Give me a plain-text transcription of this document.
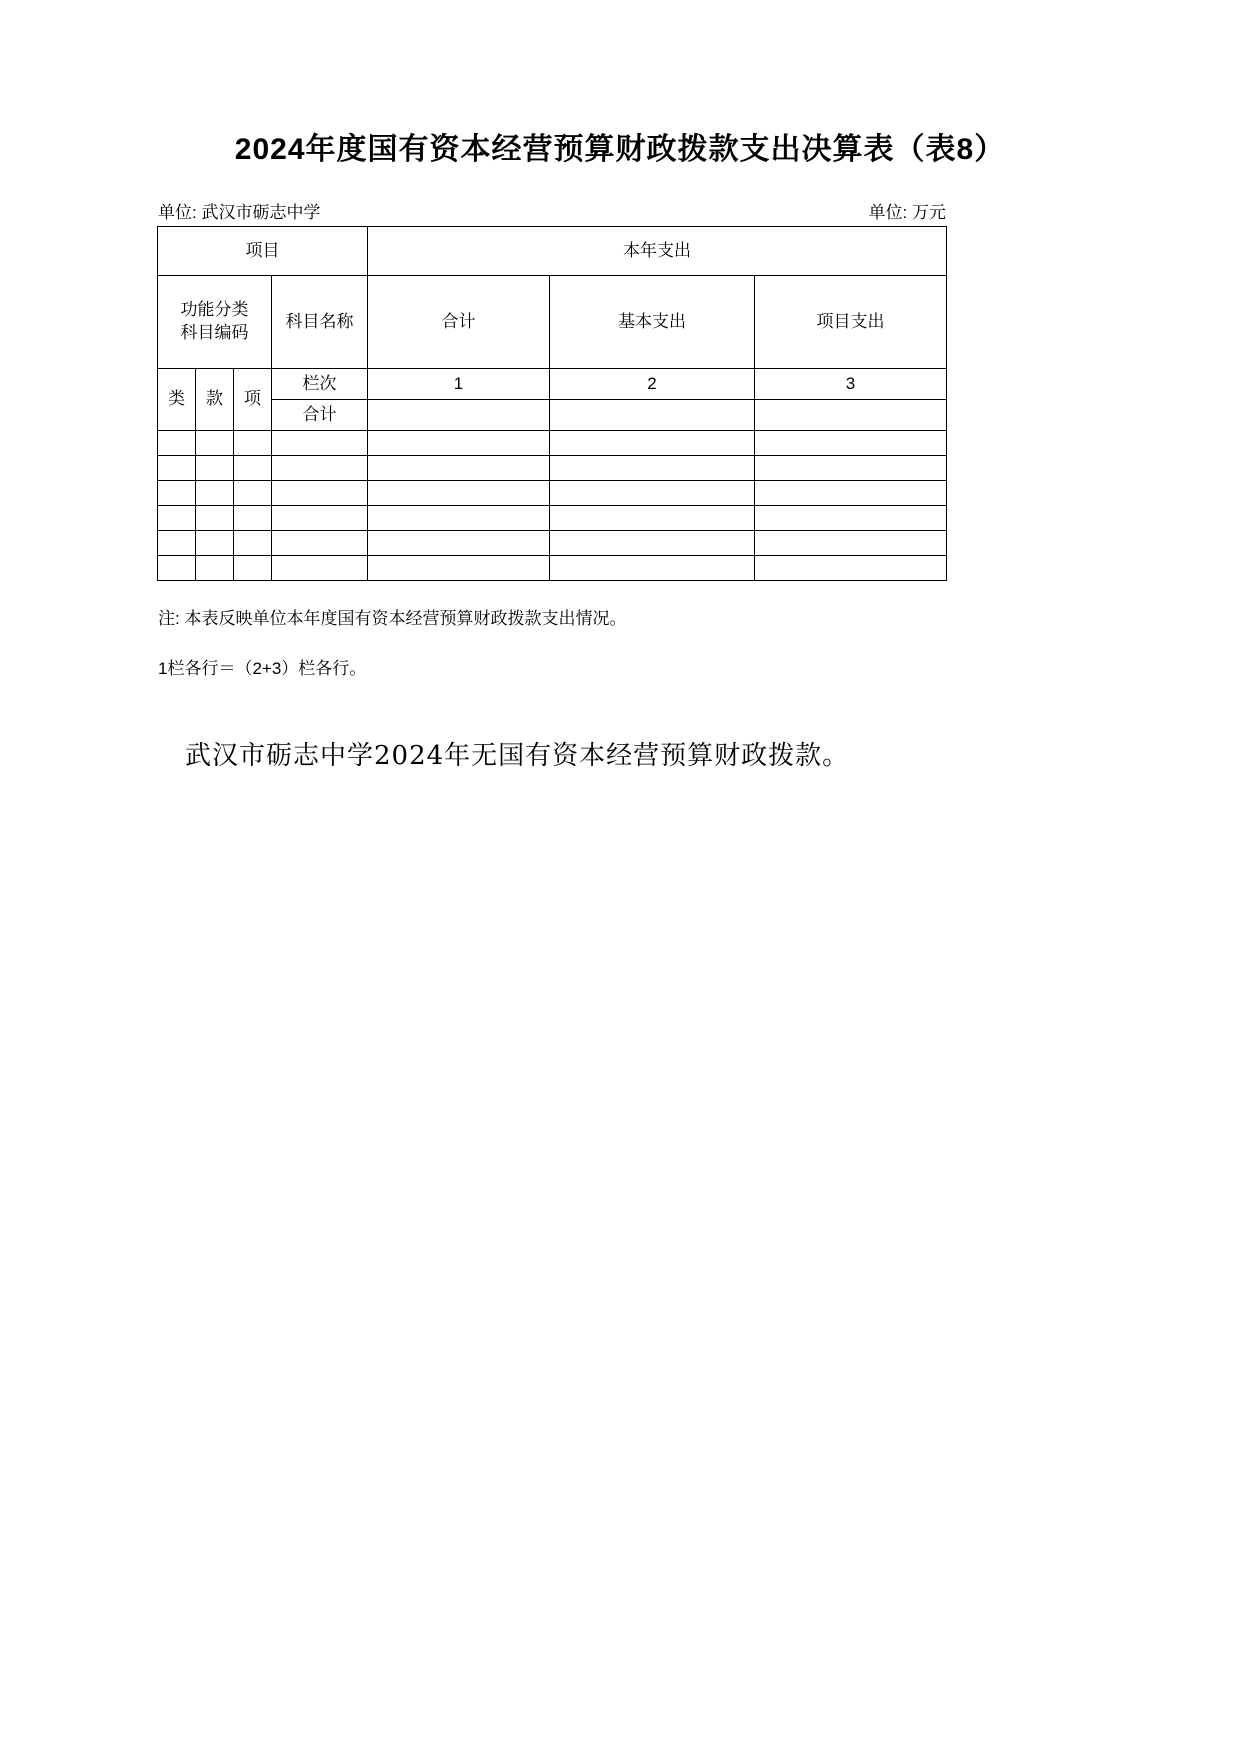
2024年度国有资本经营预算财政拨款支出决算表（表8）
单位: 武汉市砺志中学	单位: 万元
项目				本年支出		

功能分类
科目编码			科目名称	合计	基本支出	项目支出
类	款	项	栏次	1	2	3
			合计			

注: 本表反映单位本年度国有资本经营预算财政拨款支出情况。
1栏各行＝（2+3）栏各行。
武汉市砺志中学2024年无国有资本经营预算财政拨款。
